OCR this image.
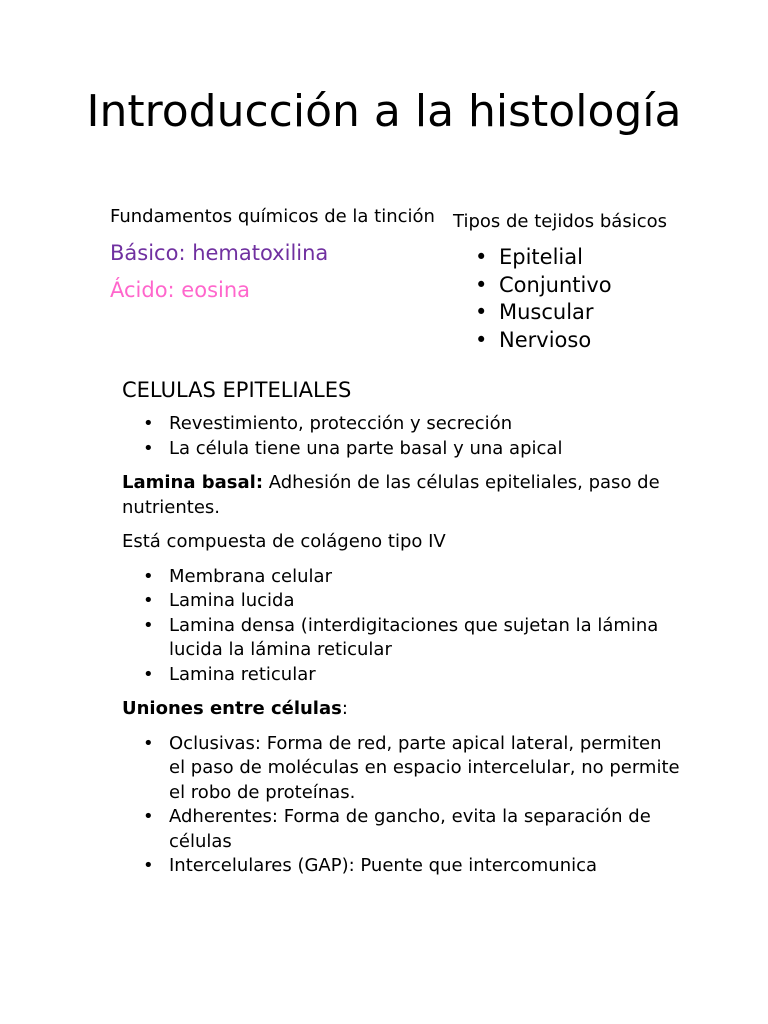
Introducción a la histología

Fundamentos químicos de la tinción

Básico: hematoxilina

Ácido: eosina

Tipos de tejidos básicos

• Epitelial
• Conjuntivo
• Muscular
• Nervioso
CELULAS EPITELIALES
• Revestimiento, protección y secreción
• La célula tiene una parte basal y una apical

Lamina basal: Adhesión de las células epiteliales, paso de nutrientes.

Está compuesta de colágeno tipo IV

• Membrana celular
• Lamina lucida
• Lamina densa (interdigitaciones que sujetan la lámina lucida la lámina reticular
• Lamina reticular

Uniones entre células:

• Oclusivas: Forma de red, parte apical lateral, permiten el paso de moléculas en espacio intercelular, no permite el robo de proteínas.
• Adherentes: Forma de gancho, evita la separación de células
• Intercelulares (GAP): Puente que intercomunica
